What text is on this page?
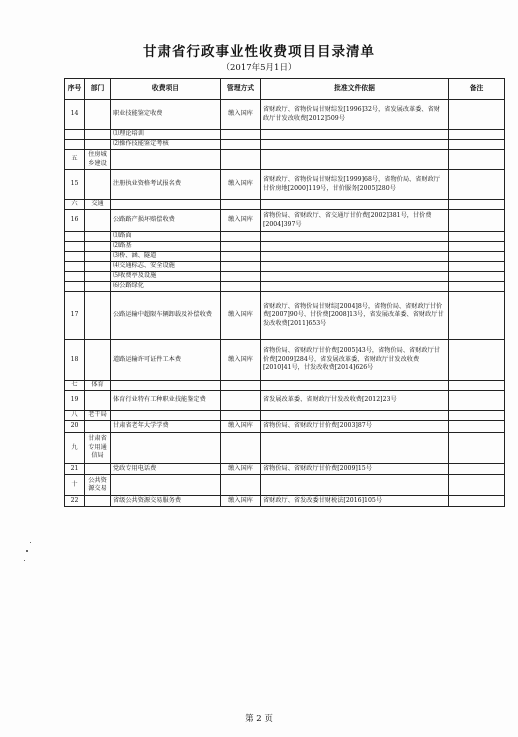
甘肃省行政事业性收费项目目录清单
（2017年5月1日）
序号	部门	收费项目	管理方式	批准文件依据	备注
14		职业技能鉴定收费	缴入国库	省财政厅、省物价局甘财综发[1996]32号，省发展改革委、省财政厅甘发改收费[2012]509号	
		⑴理论培训			
		⑵操作技能鉴定考核			
五	住房城乡建设				
15		注册执业资格考试报名费	缴入国库	省财政厅、省物价局甘财综发[1999]68号，省物价局、省财政厅甘价房地[2000]119号，甘价服务[2005]280号	
六	交通				
16		公路路产损坏赔偿收费	缴入国库	省物价局、省财政厅、省交通厅甘价费[2002]381号，甘价费[2004]397号	
		⑴路面			
		⑵路基			
		⑶桥、涵、隧道			
		⑷交通标志、安全设施			
		⑸收费亭及设施			
		⑹公路绿化			
17		公路运输中超限车辆卸载及补偿收费	缴入国库	省财政厅、省物价局甘财综[2004]8号，省物价局、省财政厅甘价费[2007]90号、甘价费[2008]13号，省发展改革委、省财政厅甘发改收费[2011]653号	
18		道路运输许可证件工本费	缴入国库	省物价局、省财政厅甘价费[2005]43号，省物价局、省财政厅甘价费[2009]284号，省发展改革委、省财政厅甘发改收费[2010]41号，甘发改收费[2014]626号	
七	体育				
19		体育行业特有工种职业技能鉴定费		省发展改革委、省财政厅甘发改收费[2012]23号	
八	老干局				
20		甘肃省老年大学学费	缴入国库	省物价局、省财政厅甘价费[2003]87号	
九	甘肃省专用通信局				
21		党政专用电话费	缴入国库	省物价局、省财政厅甘价费[2009]15号	
十	公共资源交易				
22		省级公共资源交易服务费	缴入国库	省财政厅、省发改委甘财税法[2016]105号	
第 2 页
